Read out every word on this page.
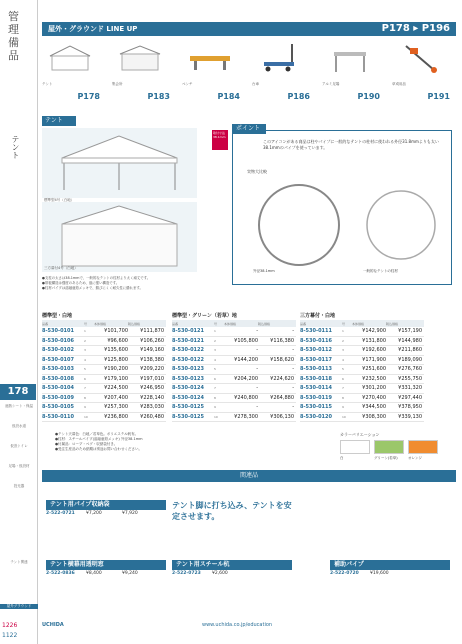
管理備品
テント
178
遮熱シート・保温
仮設水道
仮設トイレ
足場・仮設材
投光器
テント関連
屋外グラウンド
1226
1122
屋外・グラウンド LINE UP	P178 ▸ P196
テント
P178
集会所
P183
ベンチ
P184
台車
P186
アルミ足場
P190
草刈用品
P191
テント
取付寸法 38.1mm
標準型4号（白地）
三方幕付4号（白地）
ポイント
このアイコンがある商品は柱やパイプに一般的なテントの柱材に使われる外径31.8mmよりも太い38.1mmのパイプを使っています。
実物大比較
外径38.1mm	一般的なテントの柱材
●支柱の太さは38.1mmで、一般的なテントの柱材より太く頑丈です。
●帯板構造は強度のあるため、風に強い構造です。
●柱材パイプは溶融亜鉛メッキで、錆びにくく耐久性に優れます。
標準型・白地
品番	号	本体価格	税込価格
8-530-0101	1	¥101,700	¥111,870
8-530-0106	2	¥96,600	¥106,260
8-530-0102	3	¥135,600	¥149,160
8-530-0107	4	¥125,800	¥138,380
8-530-0103	5	¥190,200	¥209,220
8-530-0108	6	¥179,100	¥197,010
8-530-0104	7	¥224,500	¥246,950
8-530-0109	8	¥207,400	¥228,140
8-530-0105	9	¥257,300	¥283,030
8-530-0110	10	¥236,800	¥260,480
標準型・グリーン（若草）地
品番	号	本体価格	税込価格
8-530-0121	1	-	-
8-530-0121	2	¥105,800	¥116,380
8-530-0122	3	-	-
8-530-0122	4	¥144,200	¥158,620
8-530-0123	5	-	-
8-530-0123	6	¥204,200	¥224,620
8-530-0124	7	-	-
8-530-0124	8	¥240,800	¥264,880
8-530-0125	9	-	-
8-530-0125	10	¥278,300	¥306,130
三方幕付・白地
品番	号	本体価格	税込価格
8-530-0111	1	¥142,900	¥157,190
8-530-0116	2	¥131,800	¥144,980
8-530-0112	3	¥192,600	¥211,860
8-530-0117	4	¥171,900	¥189,090
8-530-0113	5	¥251,600	¥276,760
8-530-0118	6	¥232,500	¥255,750
8-530-0114	7	¥301,200	¥331,320
8-530-0119	8	¥270,400	¥297,440
8-530-0115	9	¥344,500	¥378,950
8-530-0120	10	¥308,300	¥339,130
●テント天幕色：白地／若草色。ポリエステル帆布。
●柱材：スチールパイプ(溶融亜鉛メッキ) 外径38.1mm
●付属品：ロープ・ペグ・収納袋付き。
●受注生産品のため納期は別途お問い合わせください。
カラーバリエーション
白	グリーン(若草)	オレンジ
関連品
テント用パイプ収納袋
2-522-0721	¥7,200	¥7,920
テント横幕用透明窓
2-522-0836	¥8,400	¥9,240
テント脚に打ち込み、テントを安定させます。
テント用スチール杭
2-522-0723	¥2,600
補助パイプ
2-522-0720	¥19,600
UCHIDA	www.uchida.co.jp/education
